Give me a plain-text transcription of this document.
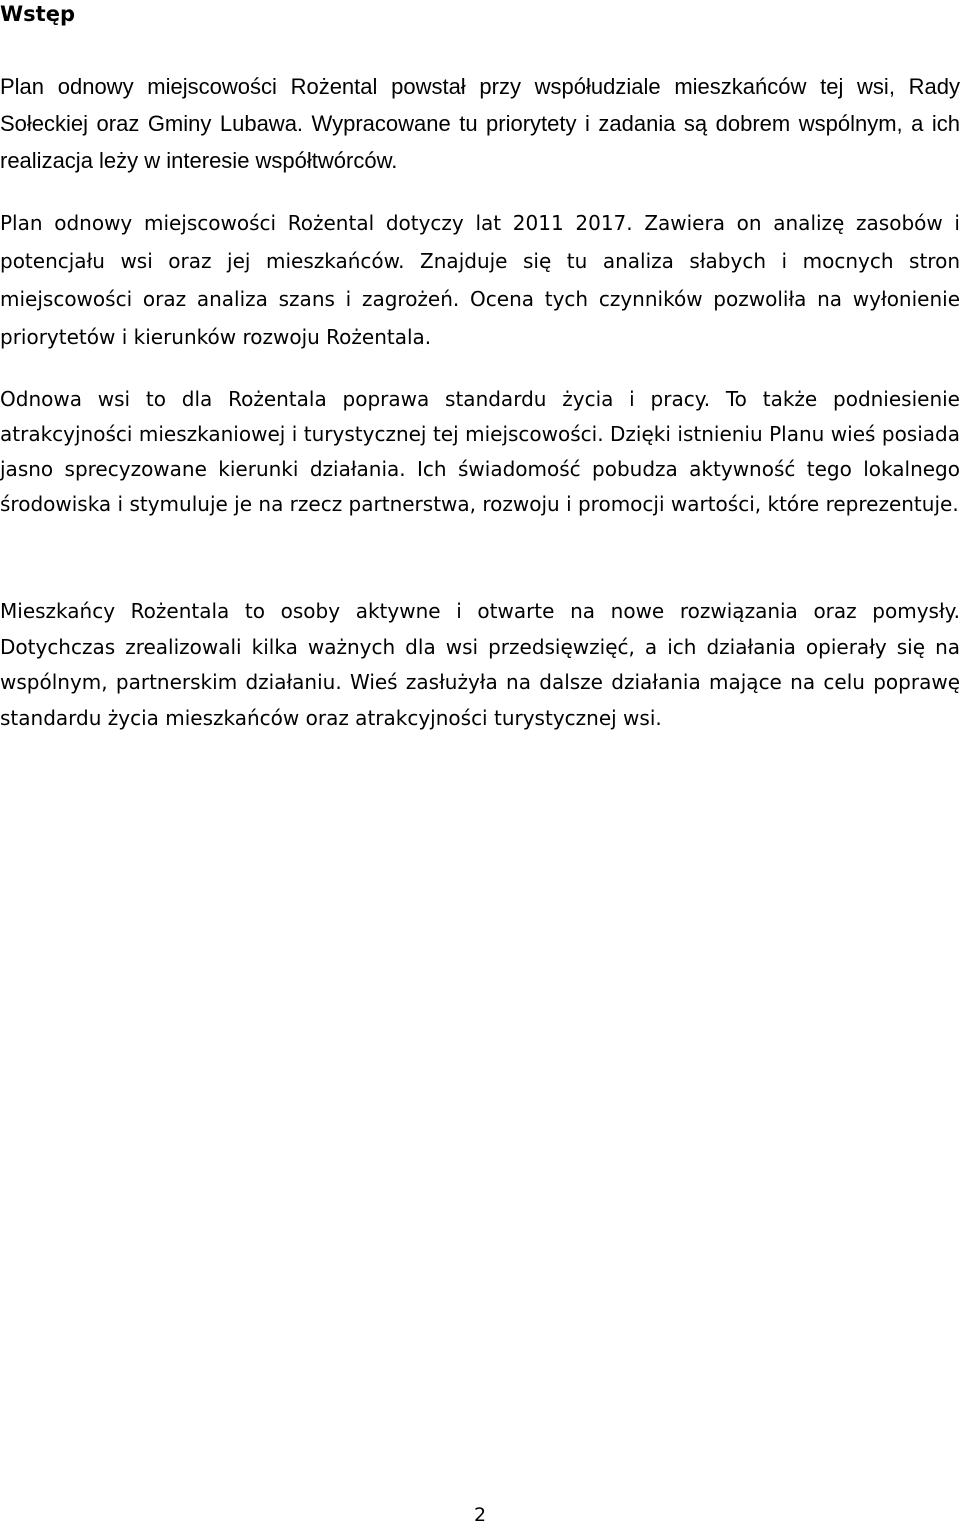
Wstęp

Plan odnowy miejscowości Rożental powstał przy współudziale mieszkańców tej wsi, Rady Sołeckiej oraz Gminy Lubawa. Wypracowane tu priorytety i zadania są dobrem wspólnym, a ich realizacja leży w interesie współtwórców.

Plan odnowy miejscowości Rożental dotyczy lat 2011 2017. Zawiera on analizę zasobów i potencjału wsi oraz jej mieszkańców. Znajduje się tu analiza słabych i mocnych stron miejscowości oraz analiza szans i zagrożeń. Ocena tych czynników pozwoliła na wyłonienie priorytetów i kierunków rozwoju Rożentala.

Odnowa wsi to dla Rożentala poprawa standardu życia i pracy. To także podniesienie atrakcyjności mieszkaniowej i turystycznej tej miejscowości. Dzięki istnieniu Planu wieś posiada jasno sprecyzowane kierunki działania. Ich świadomość pobudza aktywność tego lokalnego środowiska i stymuluje je na rzecz partnerstwa, rozwoju i promocji wartości, które reprezentuje.

Mieszkańcy Rożentala to osoby aktywne i otwarte na nowe rozwiązania oraz pomysły. Dotychczas zrealizowali kilka ważnych dla wsi przedsięwzięć, a ich działania opierały się na wspólnym, partnerskim działaniu. Wieś zasłużyła na dalsze działania mające na celu poprawę standardu życia mieszkańców oraz atrakcyjności turystycznej wsi.

2
